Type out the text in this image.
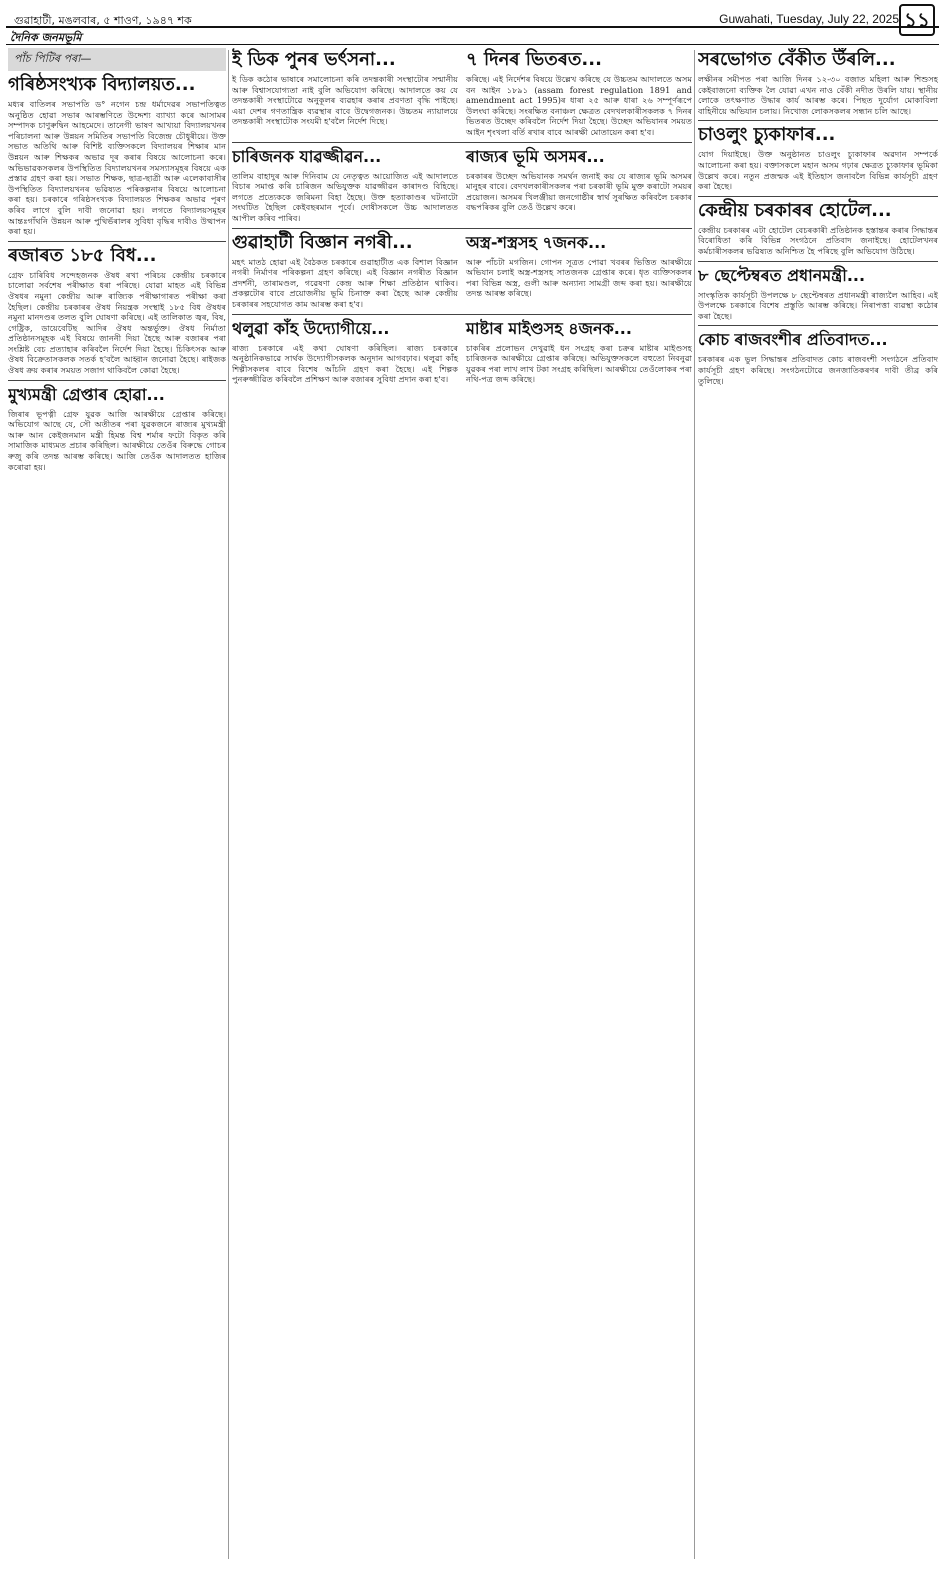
গুৱাহাটী, মঙলবাৰ, ৫ শাওণ, ১৯৪৭ শক	Guwahati, Tuesday, July 22, 2025 ১১
দৈনিক জনমভূমি
পাঁচ পিটিৰ পৰা—
গৰিষ্ঠসংখ্যক বিদ্যালয়ত...
মধ্যৰ বাতিলৰ সভাপতি ড° নগেন চন্দ্ৰ ধৰ্মাদেৱৰ সভাপতিত্বত অনুষ্ঠিত হোৱা সভাৰ আৰম্ভণিতে উদ্দেশ্য ব্যাখ্যা কৰে আসামৰ সম্পাদক চাণুৰুদ্বিন আহমেদে। তানেগী ভাষণ আখ্যয়া বিদ্যালয়খনৰ পৰিচালনা আৰু উন্নয়ন সমিতিৰ সভাপতি বিজেন্দ্ৰ চৌধুৰীয়ে। উক্ত সভাত অতিথি আৰু বিশিষ্ট ব্যক্তিসকলে বিদ্যালয়ৰ শিক্ষাৰ মান উন্নয়ন আৰু শিক্ষকৰ অভাৱ দূৰ কৰাৰ বিষয়ে আলোচনা কৰে। অভিভাৱকসকলৰ উপস্থিতিত বিদ্যালয়খনৰ সমস্যাসমূহৰ বিষয়ে এক প্ৰস্তাৱ গ্ৰহণ কৰা হয়। সভাত শিক্ষক, ছাত্ৰ-ছাত্ৰী আৰু এলেকাবাসীৰ উপস্থিতিত বিদ্যালয়খনৰ ভৱিষ্যত পৰিকল্পনাৰ বিষয়ে আলোচনা কৰা হয়। চৰকাৰে গৰিষ্ঠসংখ্যক বিদ্যালয়ত শিক্ষকৰ অভাৱ পূৰণ কৰিব লাগে বুলি দাবী জনোৱা হয়। লগতে বিদ্যালয়সমূহৰ আন্তঃগাঁথনি উন্নয়ন আৰু পুথিভঁৰালৰ সুবিধা বৃদ্ধিৰ দাবীও উত্থাপন কৰা হয়।
ৰজাৰত ১৮৫ বিধ...
গ্ৰেফ চাৰিবিধ সন্দেহজনক ঔষধ ৰখা পৰিচয় কেন্দ্ৰীয় চৰকাৰে চালোৱা সৰ্বশেষ পৰীক্ষাত ধৰা পৰিছে। যোৱা মাহত এই বিভিন্ন ঔষধৰ নমুনা কেন্দ্ৰীয় আৰু ৰাজ্যিক পৰীক্ষাগাৰত পৰীক্ষা কৰা হৈছিল। কেন্দ্ৰীয় চৰকাৰৰ ঔষধ নিয়ন্ত্ৰক সংস্থাই ১৮৫ বিধ ঔষধৰ নমুনা মানদণ্ডৰ তলত বুলি ঘোষণা কৰিছে। এই তালিকাত জ্বৰ, বিষ, গেষ্ট্ৰিক, ডায়েবেটিছ আদিৰ ঔষধ অন্তৰ্ভুক্ত। ঔষধ নিৰ্মাতা প্ৰতিষ্ঠানসমূহক এই বিষয়ে জাননী দিয়া হৈছে আৰু বজাৰৰ পৰা সংশ্লিষ্ট বেচ প্ৰত্যাহাৰ কৰিবলৈ নিৰ্দেশ দিয়া হৈছে। চিকিৎসক আৰু ঔষধ বিক্ৰেতাসকলক সতৰ্ক হ'বলৈ আহ্বান জনোৱা হৈছে। ৰাইজক ঔষধ ক্ৰয় কৰাৰ সময়ত সজাগ থাকিবলৈ কোৱা হৈছে।
মুখ্যমন্ত্ৰী গ্ৰেপ্তাৰ হোৱা...
জিৰাৰ ভূপত্নী গ্ৰেফ যুৱক আজি আৰক্ষীয়ে গ্ৰেপ্তাৰ কৰিছে। অভিযোগ আছে যে, সৌ অতীতৰ পৰা যুৱকজনে ৰাজ্যৰ মুখ্যমন্ত্ৰী আৰু আন কেইজনমান মন্ত্ৰী হিমন্ত বিশ্ব শৰ্মাৰ ফটো বিকৃত কৰি সামাজিক মাধ্যমত প্ৰচাৰ কৰিছিল। আৰক্ষীয়ে তেওঁৰ বিৰুদ্ধে গোচৰ ৰুজু কৰি তদন্ত আৰম্ভ কৰিছে। আজি তেওঁক আদালতত হাজিৰ কৰোৱা হয়।
ই ডিক পুনৰ ভৰ্ৎসনা...
ই ডিক কঠোৰ ভাষাৰে সমালোচনা কৰি তদন্তকাৰী সংস্থাটোৰ সন্মানীয় আৰু বিশ্বাসযোগ্যতা নাই বুলি অভিযোগ কৰিছে। আদালতে কয় যে তদন্তকাৰী সংস্থাটোৱে অনুকূলৰ ব্যৱহাৰ কৰাৰ প্ৰবণতা বৃদ্ধি পাইছে। এয়া দেশৰ গণতান্ত্ৰিক ব্যৱস্থাৰ বাবে উদ্বেগজনক। উচ্চতম ন্যায়ালয়ে তদন্তকাৰী সংস্থাটোক সংযমী হ'বলৈ নিৰ্দেশ দিছে।
৭ দিনৰ ভিতৰত...
কৰিছে। এই নিৰ্দেশৰ বিষয়ে উল্লেখ কৰিছে যে উচ্চতম আদালতে অসম বন আইন ১৮৯১ (assam forest regulation 1891 and amendment act 1995)ৰ ধাৰা ২৫ আৰু ধাৰা ২৬ সম্পূৰ্ণৰূপে উলংঘা কৰিছে। সংৰক্ষিত বনাঞ্চল ক্ষেত্ৰত বেদখলকাৰীসকলক ৭ দিনৰ ভিতৰত উচ্ছেদ কৰিবলৈ নিৰ্দেশ দিয়া হৈছে। উচ্ছেদ অভিযানৰ সময়ত আইন শৃংখলা বৰ্তি ৰখাৰ বাবে আৰক্ষী মোতায়েন কৰা হ'ব।
চাৰিজনক যাৱজ্জীৱন...
তালিম বাহাদুৰ আৰু দিনিবাম যে নেতৃত্বত আয়োজিত এই আদালতে বিচাৰ সমাপ্ত কৰি চাৰিজন অভিযুক্তক যাৱজ্জীৱন কাৰাদণ্ড বিহিছে। লগতে প্ৰত্যেককে জৰিমনা বিহা হৈছে। উক্ত হত্যাকাণ্ডৰ ঘটনাটো সংঘটিত হৈছিল কেইবছৰমান পূৰ্বে। দোষীসকলে উচ্চ আদালতত আপীল কৰিব পাৰিব।
ৰাজ্যৰ ভূমি অসমৰ...
চৰকাৰৰ উচ্ছেদ অভিযানক সমৰ্থন জনাই কয় যে ৰাজ্যৰ ভূমি অসমৰ মানুহৰ বাবে। বেদখলকাৰীসকলৰ পৰা চৰকাৰী ভূমি মুক্ত কৰাটো সময়ৰ প্ৰয়োজন। অসমৰ খিলঞ্জীয়া জনগোষ্ঠীৰ স্বাৰ্থ সুৰক্ষিত কৰিবলৈ চৰকাৰ বদ্ধপৰিকৰ বুলি তেওঁ উল্লেখ কৰে।
গুৱাহাটী বিজ্ঞান নগৰী...
মহৎ মাতঠ হোৱা এই বৈঠকত চৰকাৰে গুৱাহাটীত এক বিশাল বিজ্ঞান নগৰী নিৰ্মাণৰ পৰিকল্পনা গ্ৰহণ কৰিছে। এই বিজ্ঞান নগৰীত বিজ্ঞান প্ৰদৰ্শনী, তাৰামণ্ডল, গৱেষণা কেন্দ্ৰ আৰু শিক্ষা প্ৰতিষ্ঠান থাকিব। প্ৰকল্পটোৰ বাবে প্ৰয়োজনীয় ভূমি চিনাক্ত কৰা হৈছে আৰু কেন্দ্ৰীয় চৰকাৰৰ সহযোগত কাম আৰম্ভ কৰা হ'ব।
অস্ত্ৰ-শস্ত্ৰসহ ৭জনক...
আৰু পাঁচটা মগজিন। গোপন সূত্ৰত পোৱা খবৰৰ ভিত্তিত আৰক্ষীয়ে অভিযান চলাই অস্ত্ৰ-শস্ত্ৰসহ সাতজনক গ্ৰেপ্তাৰ কৰে। ধৃত ব্যক্তিসকলৰ পৰা বিভিন্ন অস্ত্ৰ, গুলী আৰু অন্যান্য সামগ্ৰী জব্দ কৰা হয়। আৰক্ষীয়ে তদন্ত আৰম্ভ কৰিছে।
থলুৱা কাঁহ উদ্যোগীয়ে...
ৰাজ্য চৰকাৰে এই কথা ঘোষণা কৰিছিল। ৰাজ্য চৰকাৰে অনুষ্ঠানিকভাৱে সাৰ্থক উদ্যোগীসকলক অনুদান আগবঢ়াব। থলুৱা কাঁহ শিল্পীসকলৰ বাবে বিশেষ আঁচনি গ্ৰহণ কৰা হৈছে। এই শিল্পক পুনৰুজ্জীৱিত কৰিবলৈ প্ৰশিক্ষণ আৰু বজাৰৰ সুবিধা প্ৰদান কৰা হ'ব।
মাষ্টাৰ মাইণ্ডসহ ৪জনক...
চাকৰিৰ প্ৰলোভন দেখুৱাই ধন সংগ্ৰহ কৰা চক্ৰৰ মাষ্টাৰ মাইণ্ডসহ চাৰিজনক আৰক্ষীয়ে গ্ৰেপ্তাৰ কৰিছে। অভিযুক্তসকলে বহুতো নিবনুৱা যুৱকৰ পৰা লাখ লাখ টকা সংগ্ৰহ কৰিছিল। আৰক্ষীয়ে তেওঁলোকৰ পৰা নথি-পত্ৰ জব্দ কৰিছে।
সৰভোগত বেঁকীত উঁৰলি...
লক্ষীনৰ সমীপত পৰা আজি দিনৰ ১২-৩০ বজাত মহিলা আৰু শিশুসহ কেইবাজনো ব্যক্তিক লৈ যোৱা এখন নাও বেঁকী নদীত উৰলি যায়। স্থানীয় লোকে তৎক্ষণাত উদ্ধাৰ কাৰ্য আৰম্ভ কৰে। পিছত দুৰ্যোগ মোকাবিলা বাহিনীয়ে অভিযান চলায়। নিখোজ লোকসকলৰ সন্ধান চলি আছে।
চাওলুং চ্যুকাফাৰ...
যোগ দিয়াইছে। উক্ত অনুষ্ঠানত চাওলুং চ্যুকাফাৰ অৱদান সম্পৰ্কে আলোচনা কৰা হয়। বক্তাসকলে মহান অসম গঢ়াৰ ক্ষেত্ৰত চ্যুকাফাৰ ভূমিকা উল্লেখ কৰে। নতুন প্ৰজন্মক এই ইতিহাস জনাবলৈ বিভিন্ন কাৰ্যসূচী গ্ৰহণ কৰা হৈছে।
কেন্দ্ৰীয় চৰকাৰৰ হোটেল...
কেন্দ্ৰীয় চৰকাৰৰ এটা হোটেল বেচৰকাৰী প্ৰতিষ্ঠানক হস্তান্তৰ কৰাৰ সিদ্ধান্তৰ বিৰোধিতা কৰি বিভিন্ন সংগঠনে প্ৰতিবাদ জনাইছে। হোটেলখনৰ কৰ্মচাৰীসকলৰ ভৱিষ্যত অনিশ্চিত হৈ পৰিছে বুলি অভিযোগ উঠিছে।
৮ ছেপ্টেম্বৰত প্ৰধানমন্ত্ৰী...
সাংস্কৃতিক কাৰ্যসূচী উপলক্ষে ৮ ছেপ্টেম্বৰত প্ৰধানমন্ত্ৰী ৰাজ্যলৈ আহিব। এই উপলক্ষে চৰকাৰে বিশেষ প্ৰস্তুতি আৰম্ভ কৰিছে। নিৰাপত্তা ব্যৱস্থা কঠোৰ কৰা হৈছে।
কোচ ৰাজবংশীৰ প্ৰতিবাদত...
চৰকাৰৰ এক ভুল সিদ্ধান্তৰ প্ৰতিবাদত কোচ ৰাজবংশী সংগঠনে প্ৰতিবাদ কাৰ্যসূচী গ্ৰহণ কৰিছে। সংগঠনটোৱে জনজাতিকৰণৰ দাবী তীব্ৰ কৰি তুলিছে।
